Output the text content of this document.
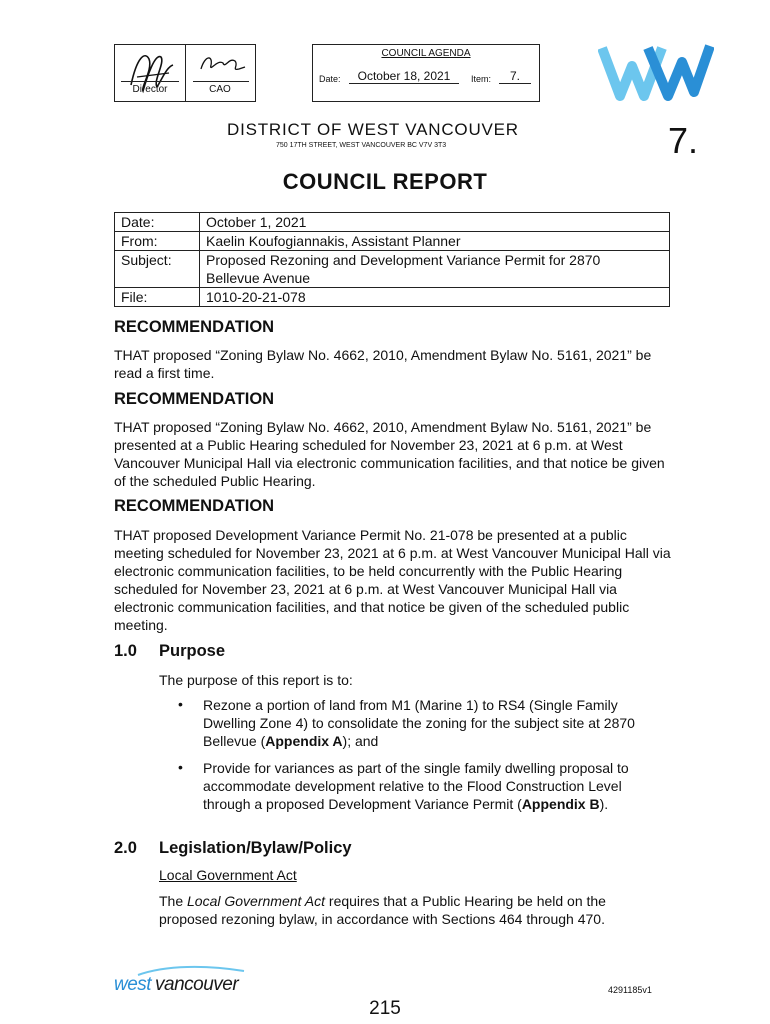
Director	CAO
COUNCIL AGENDA
Date:	October 18, 2021	Item:	7.
DISTRICT OF WEST VANCOUVER
750 17TH STREET, WEST VANCOUVER BC V7V 3T3	7.
COUNCIL REPORT
Date:	October 1, 2021
From:	Kaelin Koufogiannakis, Assistant Planner
Subject:	Proposed Rezoning and Development Variance Permit for 2870 Bellevue Avenue
File:	1010-20-21-078
RECOMMENDATION
THAT proposed “Zoning Bylaw No. 4662, 2010, Amendment Bylaw No. 5161, 2021” be read a first time.
RECOMMENDATION
THAT proposed “Zoning Bylaw No. 4662, 2010, Amendment Bylaw No. 5161, 2021” be presented at a Public Hearing scheduled for November 23, 2021 at 6 p.m. at West Vancouver Municipal Hall via electronic communication facilities, and that notice be given of the scheduled Public Hearing.
RECOMMENDATION
THAT proposed Development Variance Permit No. 21-078 be presented at a public meeting scheduled for November 23, 2021 at 6 p.m. at West Vancouver Municipal Hall via electronic communication facilities, to be held concurrently with the Public Hearing scheduled for November 23, 2021 at 6 p.m. at West Vancouver Municipal Hall via electronic communication facilities, and that notice be given of the scheduled public meeting.
1.0 Purpose
The purpose of this report is to:
• Rezone a portion of land from M1 (Marine 1) to RS4 (Single Family Dwelling Zone 4) to consolidate the zoning for the subject site at 2870 Bellevue (Appendix A); and
• Provide for variances as part of the single family dwelling proposal to accommodate development relative to the Flood Construction Level through a proposed Development Variance Permit (Appendix B).
2.0 Legislation/Bylaw/Policy
Local Government Act
The Local Government Act requires that a Public Hearing be held on the proposed rezoning bylaw, in accordance with Sections 464 through 470.
west vancouver	4291185v1
215
